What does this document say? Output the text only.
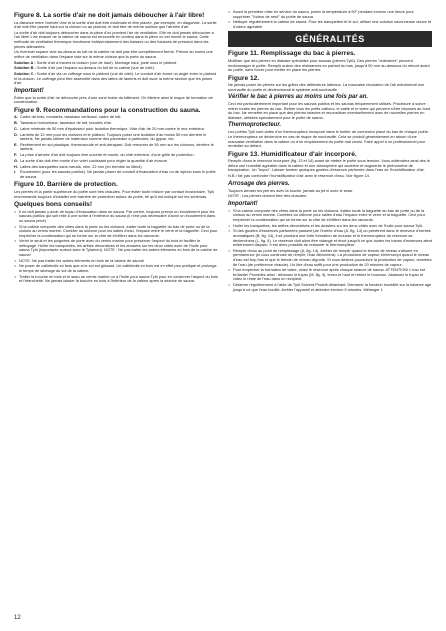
Figure 8. La sortie d'air ne doit jamais déboucher à l'air libre!

La distance entre l'arrivée d'air et la sortie d'air doit être maximale et être placée, par exemple, en diagonale. La sortie d'air doit être placée haut sur la cloison ou au plafond, et doit être de même surface que l'arrivée d'air.

La sortie d'air doit toujours déboucher dans la pièce d'où provient l'air de ventilation. Elle ne doit jamais déboucher à l'air libre! L'air évacué de la cabine de sauna est renouvelé en continu dans la pièce où est monté le sauna. Cette méthode de ventilation thermique fonctionne indépendamment des baisses ou des hausses de pression dans les pièces attenantes.

Un éventuel espace vide au-dessus du toit de la cabine ne doit pas être complètement fermé. Prévoir au moins une orifice de ventilation dans l'espace vide sur la même cloison que la porte du sauna.

Solution A : Sortie d'air à travers la cloison (vue de haut). Montage haut, juste sous le plafond.

Solution B : Sortie d'air par l'espace au-dessus du toit de la cabine (vue de côté).

Solution C : Sortie d'air via un coffrage sous le plafond (vue de côté). Le conduit d'air forme un angle entre le plafond et la cloison. Le coffrage peut être assemblé dans des lattes de lambris et doit avoir la même section que les prises d'air.

Important!

Éviter que la sortie d'air ne débouche près d'une zone froide du bâtiment. On élimine ainsi le risque de formation de condensation.

Figure 9. Recommandations pour la construction du sauna.
A. Cadre de bois, montants, tasseaux verticaux, cadre de toit.
B. Tasseaux horizontaux, tasseaux de toit, boucles d'air.
C. Laine minérale de 50 mm d'épaisseur pour isolation thermique. Vide d'air de 20 mm contre le mur extérieur.
D. Lambris de 12 mm pour les cloisons et le plafond. Toujours poser une isolation d'au moins 50 mm derrière le lambris. Ne jamais utiliser de matériaux comme des panneaux à particules, du gypse, etc.
E. Revêtement en sol plastique, thermosoudé et anti-dérapant. Doit remonter de 50 mm sur les cloisons, derrière le lambris.
F. La prise d'arrivée d'air doit toujours être ouverte et munie, du côté extérieur, d'une grille de protection.
G. La sortie d'air doit être munie d'un volet coulissant pour régler la quantité d'air évacué.
H. Lattes des banquettes sans nœuds, mini. 22 mm (en tremble ou tilleul).
I. Écoulement (pour les saunas publics). Ne jamais placer de conduit d'évacuation d'eau ou de siphon sous le poêle de sauna.
Figure 10. Barrière de protection.

Les pierres et la partie supérieure du poêle sont très chaudes. Pour éviter toute brûlure par contact involontaire, Tylö recommande toujours d'installer une barrière de protection autour du poêle, tel qu'il est indiqué sur les schémas.

Quelques bons conseils!
• Il ne doit jamais y avoir de tuyau d'évacuation dans un sauna. Par contre, toujours prévoir un écoulement pour les saunas publics qui soit relié à une sortie à l'extérieur du sauna (il n'est pas nécessaire d'avoir un écoulement dans un sauna privé).
• Si la cabine comporte des vitres dans la porte ou les cloisons, traiter toute la baguette du bas de porte ou de la cloison au vernis marine. Combler au silicone pour les salles d'eau, l'espace entre le verre et la baguette. Ceci pour empêcher la condensation qui se forme sur la vitre de s'infiltrer dans les raccords.
• Vernir le seuil et les poignées de porte avec du vernis marine pour préserver l'aspect du bois et faciliter le nettoyage. Huiler les banquettes, les arêtes décoratives et les dossiers sur les deux côtés avec de l'huile pour sauna Tylö (importante surtout avec le Tylarium). NOTE : Ne pas traiter les autres éléments en bois de la cabine de sauna!
• NOTE: Ne pas traiter les autres éléments en bois de la cabine de sauna!
• Ne poser de caillebotis en bois que si le sol est glissant. Un caillebotis en bois est en effet peu pratique et prolonge le temps de séchage du sol de la cabine.
• Traiter la bouche en bois et le seau au vernis marine ou à l'huile pour sauna Tylö pour en conserver l'aspect du bois et l'étanchéité. Ne jamais laisser la bouche en bois à l'intérieur de la cabine après la séance de sauna.
• Avant la première mise en service du sauna, porter la température à 90° pendant environ une heure pour supprimer "l'odeur de neuf" du poêle de sauna.
• Nettoyer régulièrement la cabine de sauna. Pour les banquettes et le sol, utiliser une solution savonneuse douce et d'odeur agréable.
GÉNÉRALITÉS
Figure 11. Remplissage du bac à pierres.

Mutiliser que des pierres en diabase spécialisé pour saunas (pierres Tylö). Des pierres "ordinaires" peuvent endommager le poêle. Remplir autour des résistances en partant du bas, jusqu'à 50 mm au-dessous du rebord avant du poêle, sans forcer pour mettre en place les pierres.

Figure 12.

Ne jamais poser de pierres sur les grilles des déflecteurs latéraux. La mauvaise circulation de l'air entraînerait une surchauffe du poêle et déclencherait le système anti-surchauffe.

Vérifier le bac à pierres au moins une fois par an.

Ceci est particulièrement important pour les saunas publics et les saunas fréquemment utilisés. Procédure à suivre : retirer toutes les pierres du bac. Retirer tous les petits cailloux, le sable et le tartre qui peuvent s'être déposés au fond du bac. Ne remettre en place que des pierres intactes et reconstituer éventuellement avec de nouvelles pierres en diabase, utilisées spécialement pour le poêle de sauna.

Thermoprotecteur.

Les poêles Tylö sont dotés d'un thermorupteur incorporé dans le boîtier de connexion placé au bas de chaque poêle. Le thermorupteur se déclenche en cas de risque de surchauffe. Cela se produit généralement en raison d'une mauvaise ventilation dans la cabine ou d'un emplacement du poêle mal choisi. Faire appel à un professionnel pour remédier au défaut.

Figure 13. Humidificateur d'air incorporé.

Remplir d'eau le réservoir incorporé (fig. 13 et 14) avant de mettre le poêle sous tension. Vous obtiendrez ainsi dès le début une humidité agréable dans la cabine et une atmosphère qui accélère et augmente le phénomène de transpiration. Un "toyuo". Laisser tomber quelques gouttes d'essence parfumée dans l'eau de l'humidificateur d'air.

N.B.! Ne pas confondre l'humidificateur d'air avec le réservoir d'eau. Voir figure 14.

Arrosage des pierres.

Toujours arroser les pierres avec la louche, jamais au jet ni avec le seau.

NOTE : Les pierres doivent être très chaudes.

Important!
• Si la cabine comporte des vitres dans la porte ou les cloisons, traitez toute la baguette du bas de porte ou de la cloison au vernis marine. Comblez au silicone pour salles d'eau l'espace entre le verre et la baguette. Ceci pour empêcher la condensation qui se forme sur la vitre de s'infiltrer dans les raccords.
• Huiler les banquettes, les arêtes décoratives et les dossiers sur les deux côtés avec de l'huile pour sauna Tylö.
• Si des gouttes d'essences parfumées passent par l'entrée d'eau (A, fig. 14) ou pénètrent dans le receveur d'herbes aromatiques (B, fig. 14), il se produira une forte formation de mousse et le thermorupteur du réservoir se déclenchera (L, fig. 4). Le réservoir doit alors être vidangé et rincé jusqu'à ce que toutes les traces d'essences aient entièrement disparu. Il est alors possible de restaurer le thermorupteur.
• Remplir d'eau au point de remplissage (A, fig. 14). Arrêter de remplir quand le témoin de niveau s'allume en permanence (si vous continuez de remplir, l'eau débordera). La production de vapeur s'interrompt quand le niveau d'eau est trop bas et que le témoin de niveau clignote. Si vous désirez poursuivre la production de vapeur, remettez de l'eau (de préférence chaude). Un litre d'eau suffit pour une production de 20 minutes de vapeur.
• Pour empêcher la formation de tartre, videz le réservoir après chaque séance de sauna. ATTENTION! L'eau est brûlante! Procédez ainsi : dévissez le tuyau (M, fig. 4), tenez-le haut et retirez le bouchon. Abaissez le tuyau et videz le reste de l'eau dans un récipient.
• Détartrer régulièrement à l'aide de Tylö Solvent.Produit détartrant. Démarrer la fonction humidité sur la balance agir jusqu'à ce que l'eau bouille. Arrêter l'appareil et attendre environ 5 minutes. Mélanger 1
12
